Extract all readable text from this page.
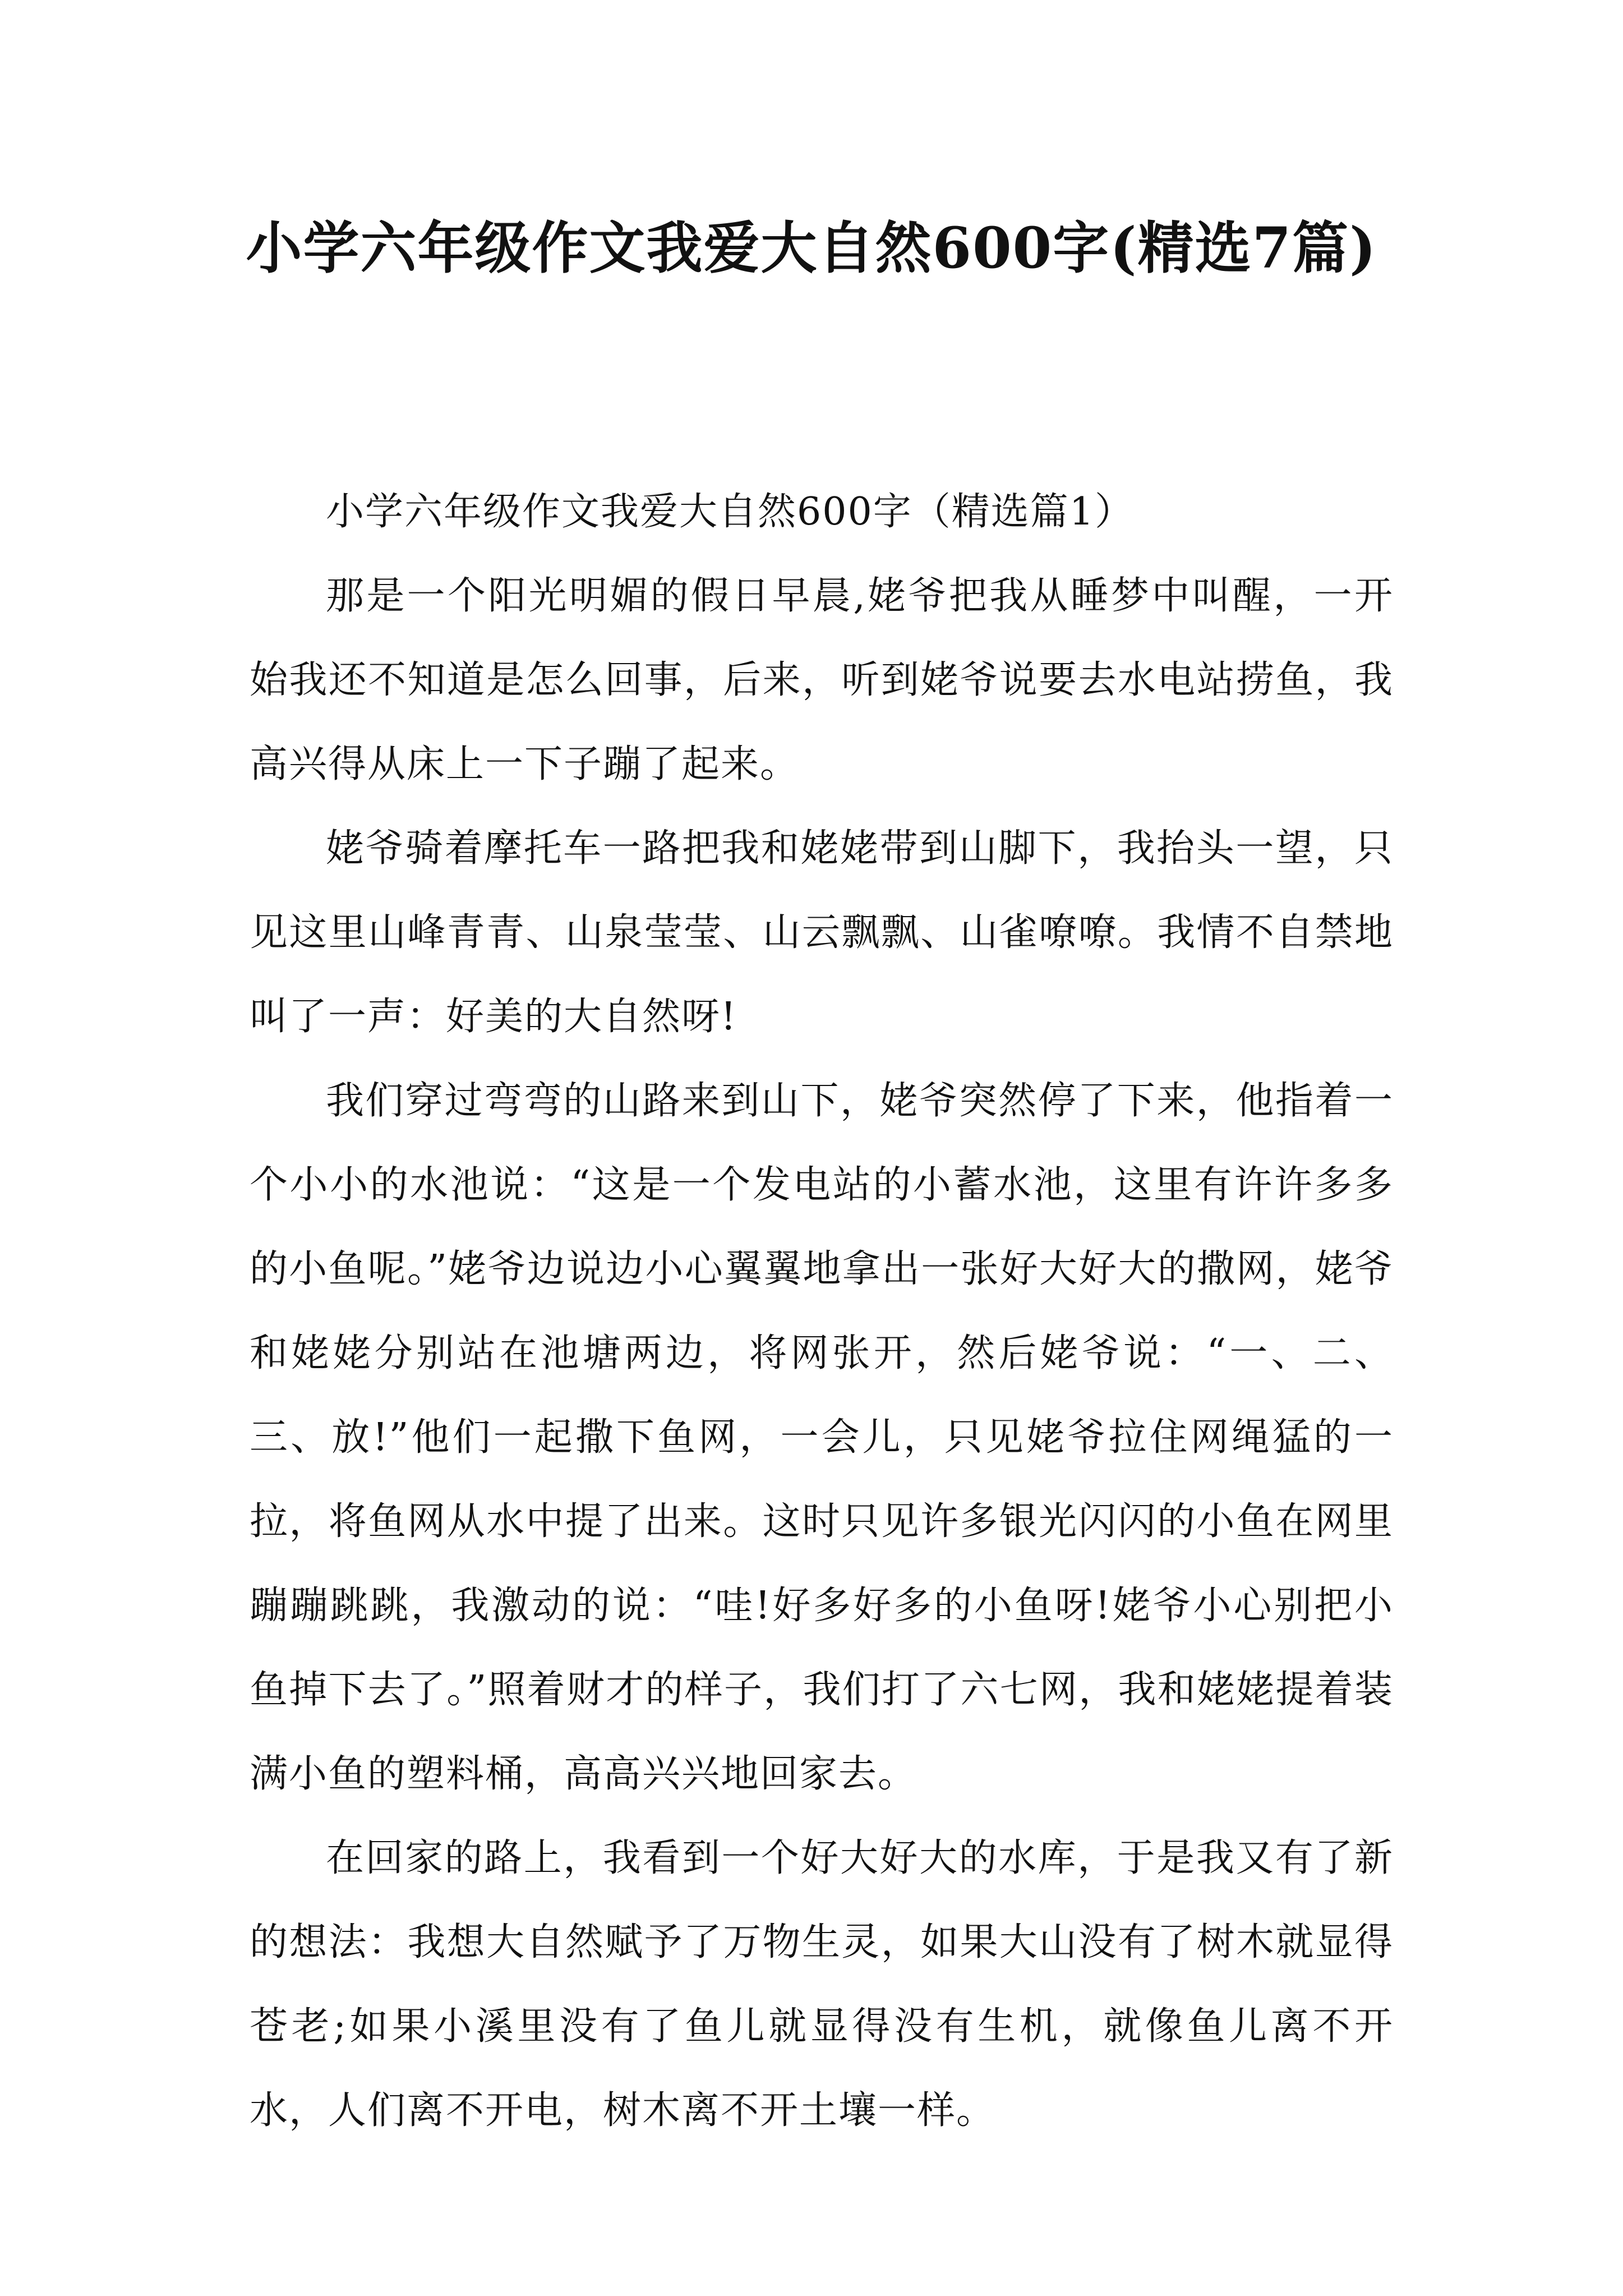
小学六年级作文我爱大自然600字(精选7篇)

小学六年级作文我爱大自然600字（精选篇1）

那是一个阳光明媚的假日早晨,姥爷把我从睡梦中叫醒，一开始我还不知道是怎么回事，后来，听到姥爷说要去水电站捞鱼，我高兴得从床上一下子蹦了起来。

姥爷骑着摩托车一路把我和姥姥带到山脚下，我抬头一望，只见这里山峰青青、山泉莹莹、山云飘飘、山雀嘹嘹。我情不自禁地叫了一声：好美的大自然呀!

我们穿过弯弯的山路来到山下，姥爷突然停了下来，他指着一个小小的水池说：“这是一个发电站的小蓄水池，这里有许许多多的小鱼呢。”姥爷边说边小心翼翼地拿出一张好大好大的撒网，姥爷和姥姥分别站在池塘两边，将网张开，然后姥爷说：“一、二、三、放!”他们一起撒下鱼网，一会儿，只见姥爷拉住网绳猛的一拉，将鱼网从水中提了出来。这时只见许多银光闪闪的小鱼在网里蹦蹦跳跳，我激动的说：“哇!好多好多的小鱼呀!姥爷小心别把小鱼掉下去了。”照着财才的样子，我们打了六七网，我和姥姥提着装满小鱼的塑料桶，高高兴兴地回家去。

在回家的路上，我看到一个好大好大的水库，于是我又有了新的想法：我想大自然赋予了万物生灵，如果大山没有了树木就显得苍老;如果小溪里没有了鱼儿就显得没有生机，就像鱼儿离不开水，人们离不开电，树木离不开土壤一样。
